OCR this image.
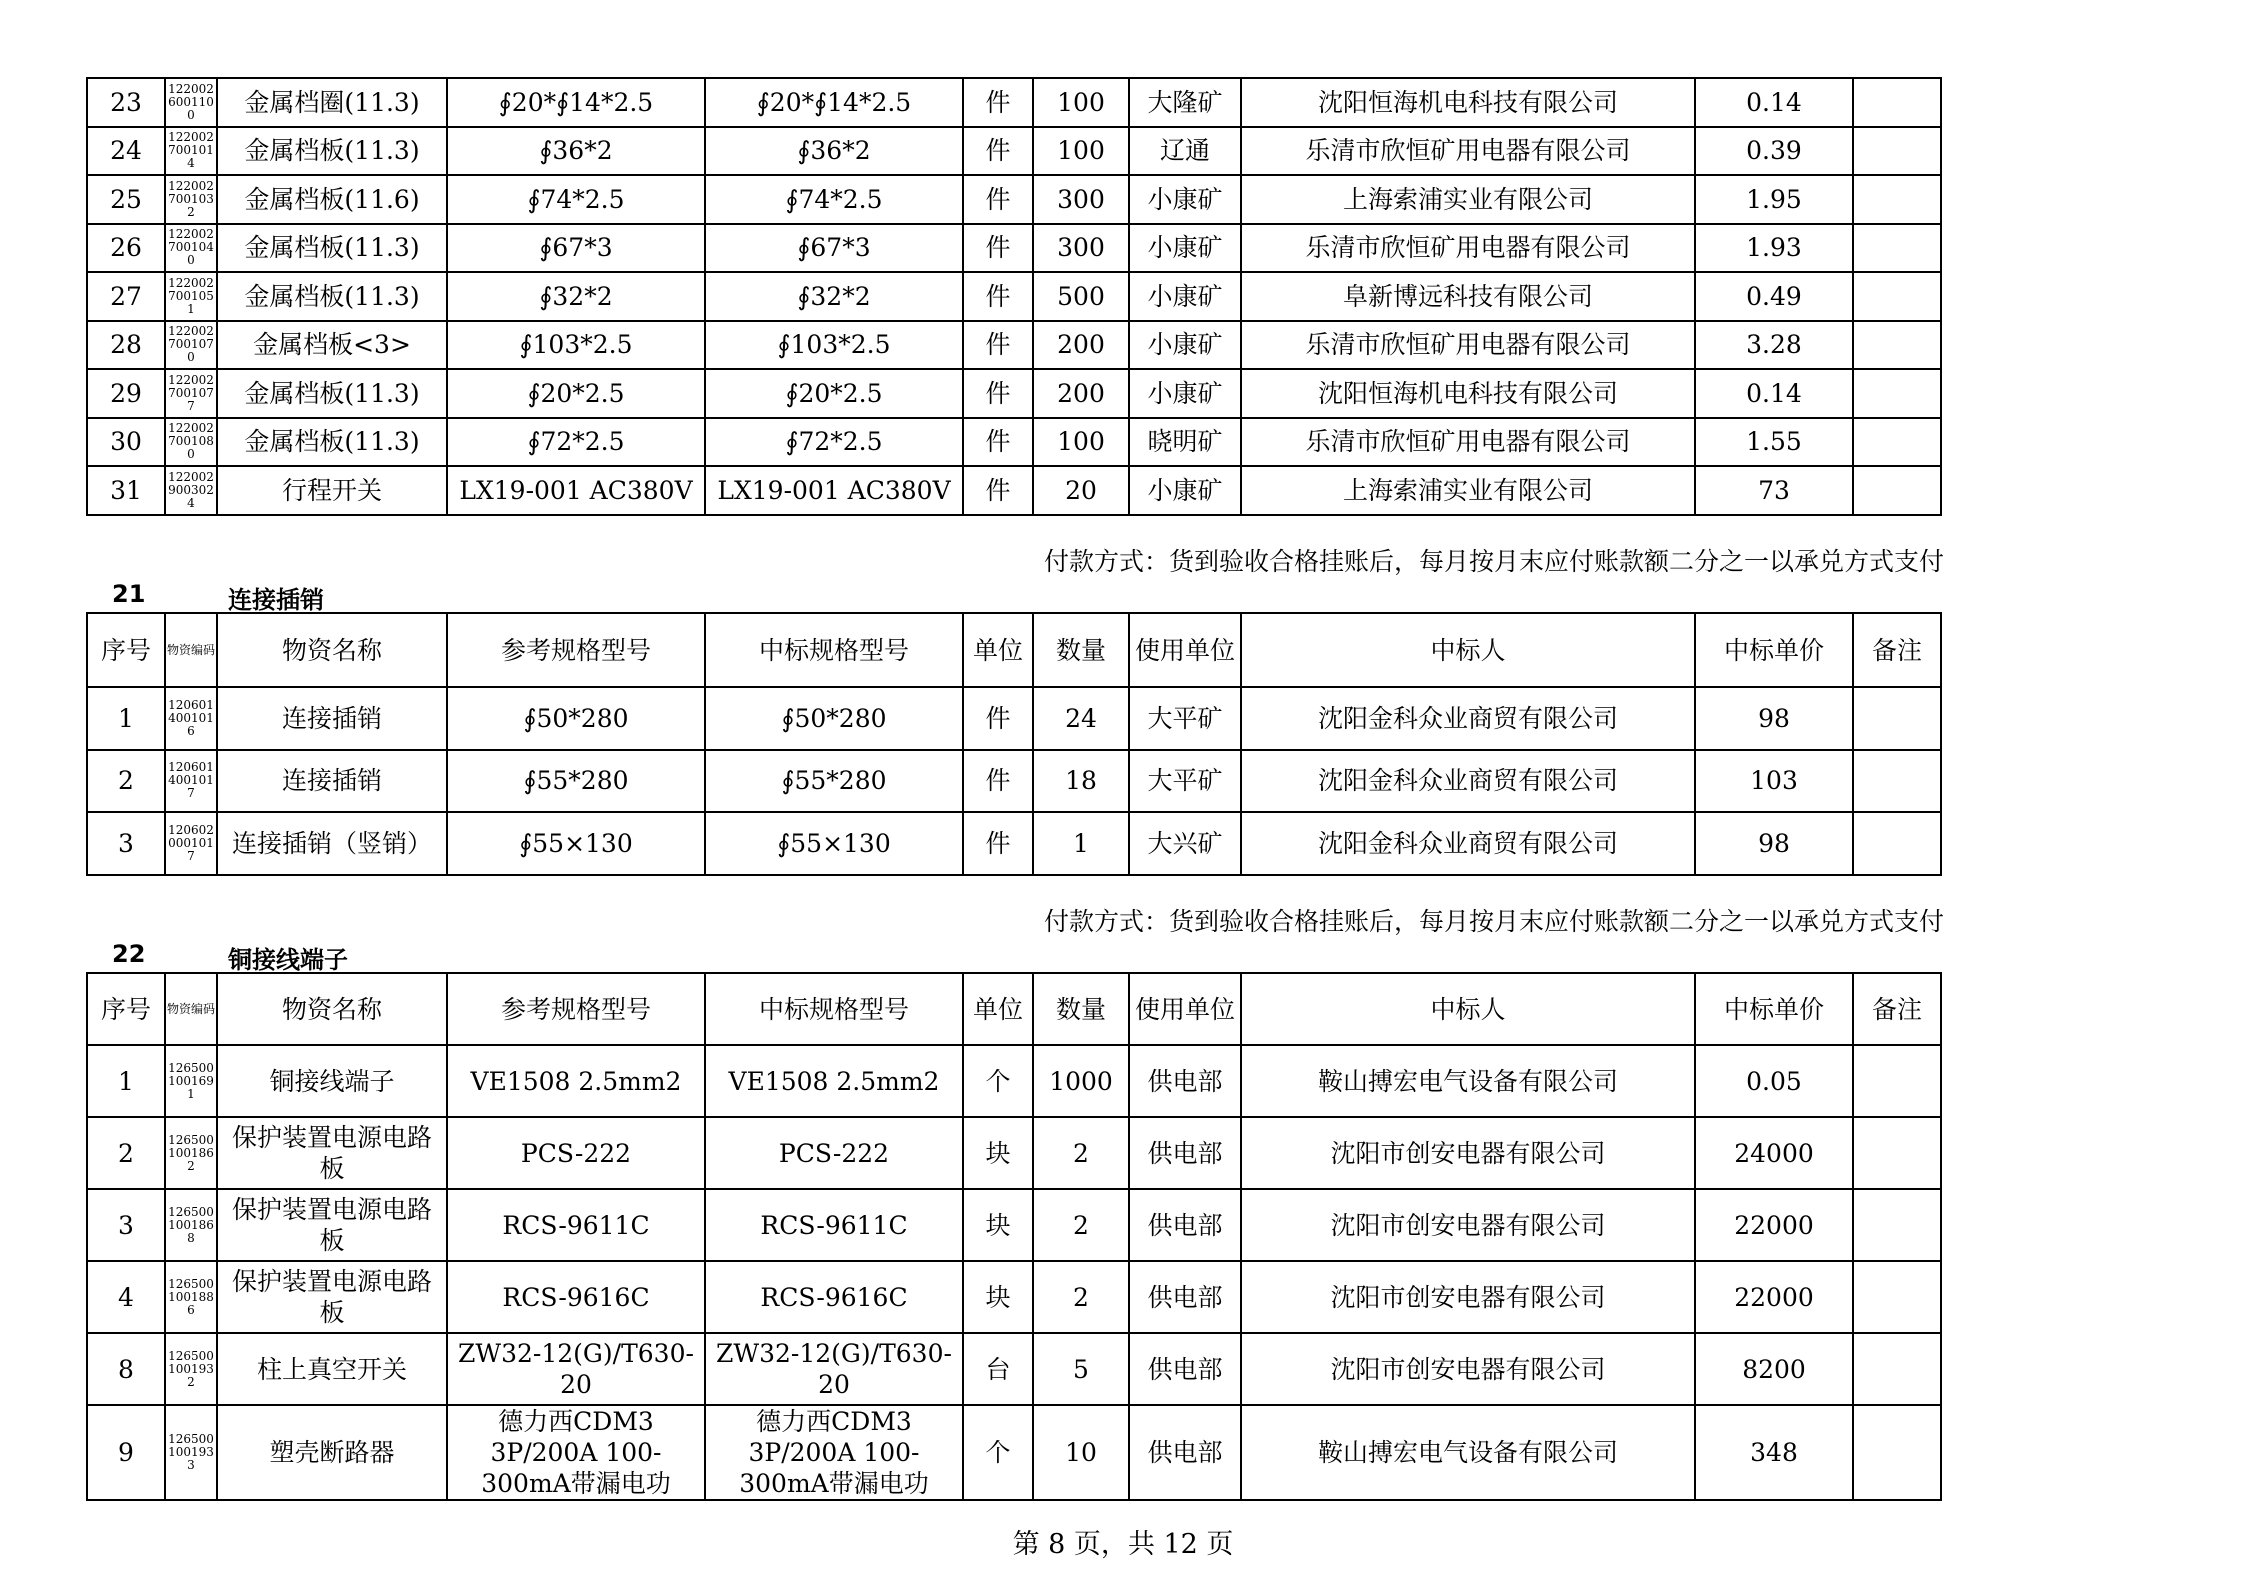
23	1220026001100	金属档圈(11.3)	∮20*∮14*2.5	∮20*∮14*2.5	件	100	大隆矿	沈阳恒海机电科技有限公司	0.14	
24	1220027001014	金属档板(11.3)	∮36*2	∮36*2	件	100	辽通	乐清市欣恒矿用电器有限公司	0.39	
25	1220027001032	金属档板(11.6)	∮74*2.5	∮74*2.5	件	300	小康矿	上海索浦实业有限公司	1.95	
26	1220027001040	金属档板(11.3)	∮67*3	∮67*3	件	300	小康矿	乐清市欣恒矿用电器有限公司	1.93	
27	1220027001051	金属档板(11.3)	∮32*2	∮32*2	件	500	小康矿	阜新博远科技有限公司	0.49	
28	1220027001070	金属档板<3>	∮103*2.5	∮103*2.5	件	200	小康矿	乐清市欣恒矿用电器有限公司	3.28	
29	1220027001077	金属档板(11.3)	∮20*2.5	∮20*2.5	件	200	小康矿	沈阳恒海机电科技有限公司	0.14	
30	1220027001080	金属档板(11.3)	∮72*2.5	∮72*2.5	件	100	晓明矿	乐清市欣恒矿用电器有限公司	1.55	
31	1220029003024	行程开关	LX19-001 AC380V	LX19-001 AC380V	件	20	小康矿	上海索浦实业有限公司	73	
21	连接插销
付款方式：货到验收合格挂账后，每月按月末应付账款额二分之一以承兑方式支付
序号	物资编码	物资名称	参考规格型号	中标规格型号	单位	数量	使用单位	中标人	中标单价	备注
1	1206014001016	连接插销	∮50*280	∮50*280	件	24	大平矿	沈阳金科众业商贸有限公司	98	
2	1206014001017	连接插销	∮55*280	∮55*280	件	18	大平矿	沈阳金科众业商贸有限公司	103	
3	1206020001017	连接插销（竖销）	∮55×130	∮55×130	件	1	大兴矿	沈阳金科众业商贸有限公司	98	
22	铜接线端子
付款方式：货到验收合格挂账后，每月按月末应付账款额二分之一以承兑方式支付
序号	物资编码	物资名称	参考规格型号	中标规格型号	单位	数量	使用单位	中标人	中标单价	备注
1	1265001001691	铜接线端子	VE1508 2.5mm2	VE1508 2.5mm2	个	1000	供电部	鞍山搏宏电气设备有限公司	0.05	
2	1265001001862	保护装置电源电路板	PCS-222	PCS-222	块	2	供电部	沈阳市创安电器有限公司	24000	
3	1265001001868	保护装置电源电路板	RCS-9611C	RCS-9611C	块	2	供电部	沈阳市创安电器有限公司	22000	
4	1265001001886	保护装置电源电路板	RCS-9616C	RCS-9616C	块	2	供电部	沈阳市创安电器有限公司	22000	
8	1265001001932	柱上真空开关	ZW32-12(G)/T630-20	ZW32-12(G)/T630-20	台	5	供电部	沈阳市创安电器有限公司	8200	
9	1265001001933	塑壳断路器	德力西CDM3 3P/200A 100-300mA带漏电功	德力西CDM3 3P/200A 100-300mA带漏电功	个	10	供电部	鞍山搏宏电气设备有限公司	348	
第 8 页，共 12 页
